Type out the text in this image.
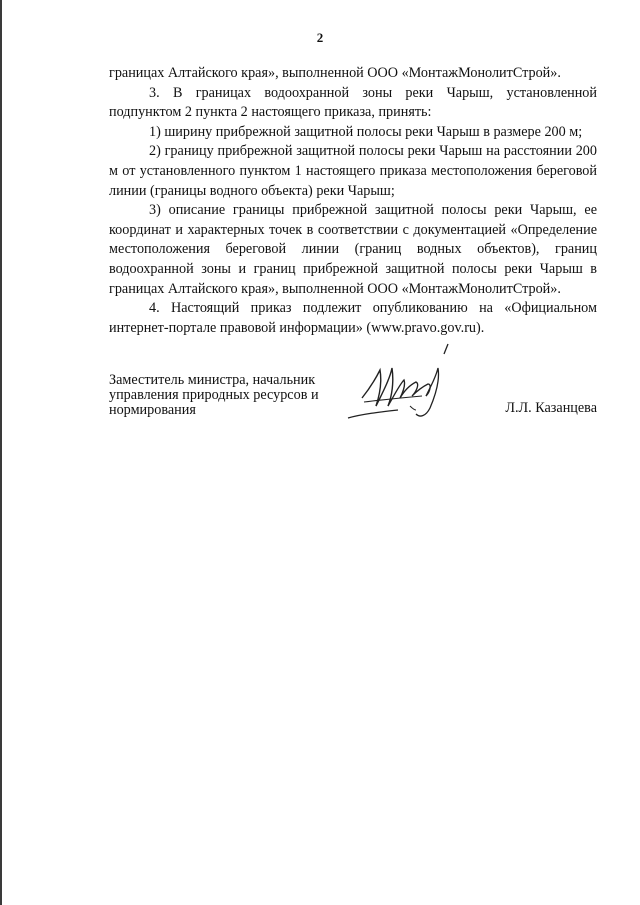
2

границах Алтайского края», выполненной ООО «МонтажМонолитСтрой».

3. В границах водоохранной зоны реки Чарыш, установленной подпунктом 2 пункта 2 настоящего приказа, принять:

1) ширину прибрежной защитной полосы реки Чарыш в размере 200 м;

2) границу прибрежной защитной полосы реки Чарыш на расстоянии 200 м от установленного пунктом 1 настоящего приказа местоположения береговой линии (границы водного объекта) реки Чарыш;

3) описание границы прибрежной защитной полосы реки Чарыш, ее координат и характерных точек в соответствии с документацией «Определение местоположения береговой линии (границ водных объектов), границ водоохранной зоны и границ прибрежной защитной полосы реки Чарыш в границах Алтайского края», выполненной ООО «МонтажМонолитСтрой».

4. Настоящий приказ подлежит опубликованию на «Официальном интернет-портале правовой информации» (www.pravo.gov.ru).

Заместитель министра, начальник
управления природных ресурсов и
нормирования	Л.Л. Казанцева
